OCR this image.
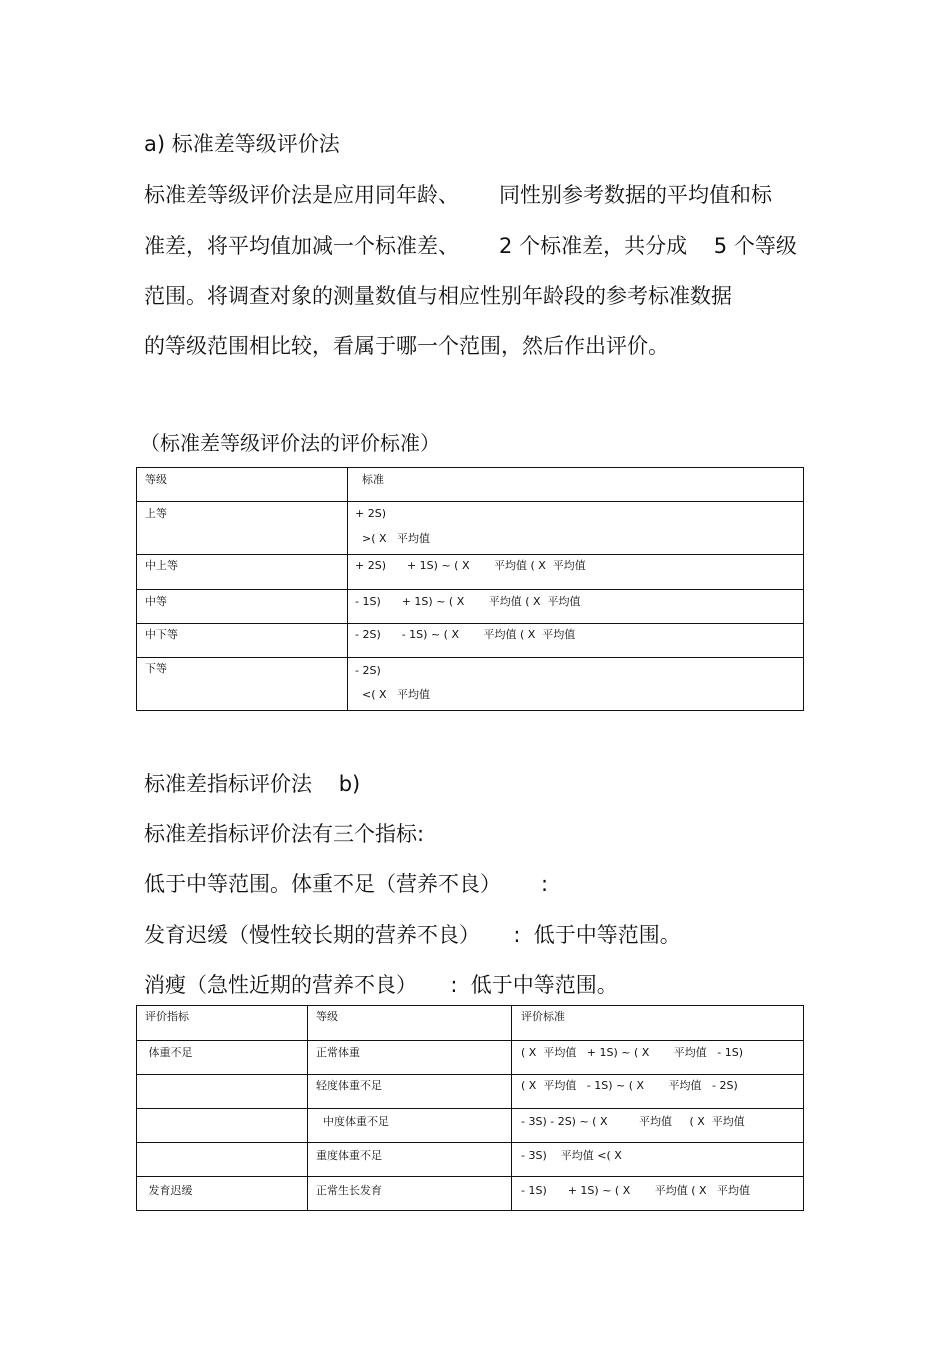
a) 标准差等级评价法
标准差等级评价法是应用同年龄、      同性别参考数据的平均值和标
准差，将平均值加减一个标准差、      2 个标准差，共分成    5 个等级
范围。将调查对象的测量数值与相应性别年龄段的参考标准数据
的等级范围相比较，看属于哪一个范围，然后作出评价。
（标准差等级评价法的评价标准）
等级	标准

上等	+ 2S)

>( X   平均值

中上等	+ 2S)      + 1S) ~ ( X       平均值 ( X  平均值

中等	- 1S)      + 1S) ~ ( X       平均值 ( X  平均值

中下等	- 2S)      - 1S) ~ ( X       平均值 ( X  平均值

下等	- 2S)

<( X   平均值

标准差指标评价法    b)
标准差指标评价法有三个指标:
低于中等范围。体重不足（营养不良）      :
发育迟缓（慢性较长期的营养不良）     :  低于中等范围。
消瘦（急性近期的营养不良）     :  低于中等范围。
评价指标	等级	评价标准

体重不足	正常体重	( X  平均值   + 1S) ~ ( X       平均值   - 1S)

	轻度体重不足	( X  平均值   - 1S) ~ ( X       平均值   - 2S)

	中度体重不足	- 3S) - 2S) ~ ( X         平均值     ( X  平均值

	重度体重不足	- 3S)    平均值 <( X

发育迟缓	正常生长发育	- 1S)      + 1S) ~ ( X       平均值 ( X   平均值
